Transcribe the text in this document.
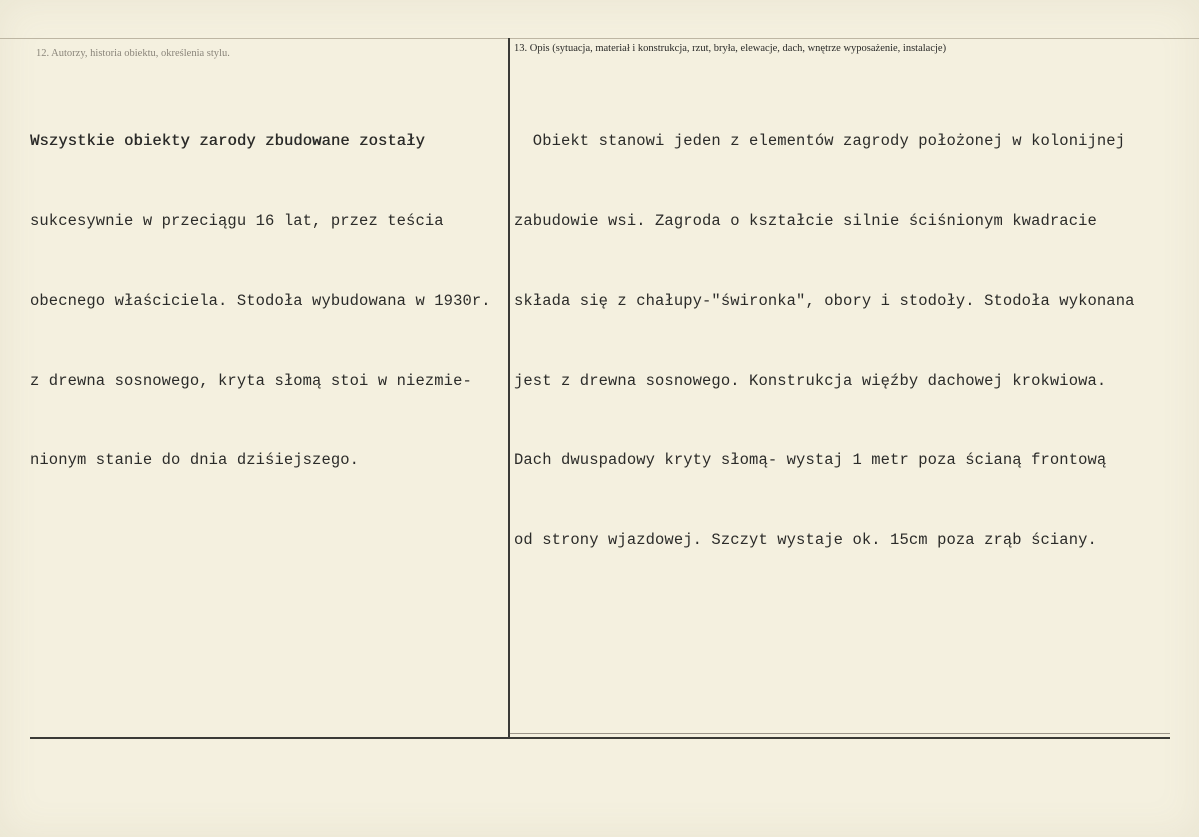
12. Autorzy, historia obiektu, określenia stylu.	13. Opis (sytuacja, materiał i konstrukcja, rzut, bryła, elewacje, dach, wnętrze wyposażenie, instalacje)

Wszystkie obiekty zarody zbudowane zostały

sukcesywnie w przeciągu 16 lat, przez teścia

obecnego właściciela. Stodoła wybudowana w 1930r.

z drewna sosnowego, kryta słomą stoi w niezmie-

nionym stanie do dnia dziśiejszego.

Obiekt stanowi jeden z elementów zagrody położonej w kolonijnej

zabudowie wsi. Zagroda o kształcie silnie ściśnionym kwadracie

składa się z chałupy-"świronka", obory i stodoły. Stodoła wykonana

jest z drewna sosnowego. Konstrukcja więźby dachowej krokwiowa.

Dach dwuspadowy kryty słomą- wystaj 1 metr poza ścianą frontową

od strony wjazdowej. Szczyt wystaje ok. 15cm poza zrąb ściany.
